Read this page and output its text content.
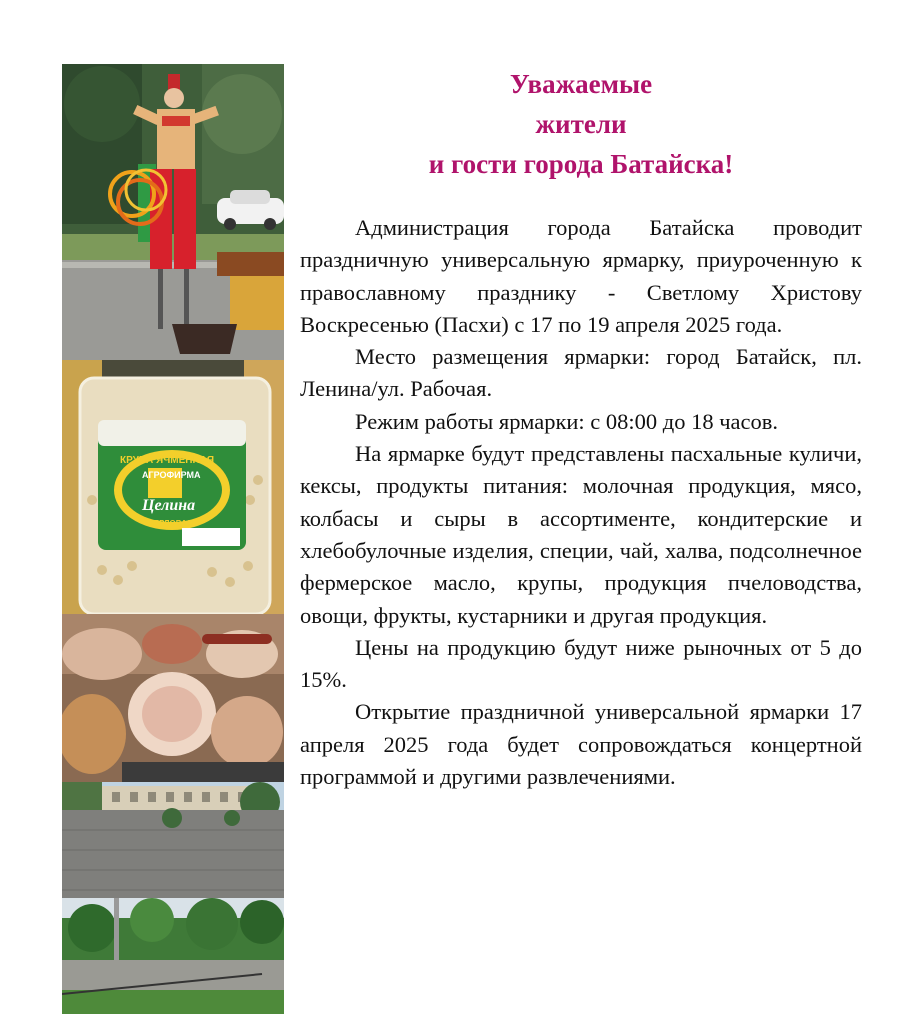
КРУПА ЯЧМЕННАЯ
АГРОФИРМА
Целина
ПЕРЛОВАЯ
Уважаемые
жители
и гости города Батайска!

Администрация города Батайска проводит праздничную универсальную ярмарку, приуроченную к православному празднику - Светлому Христову Воскресенью (Пасхи) с 17 по 19 апреля 2025 года.

Место размещения ярмарки: город Батайск, пл. Ленина/ул. Рабочая.

Режим работы ярмарки: с 08:00 до 18 часов.

На ярмарке будут представлены пасхальные куличи, кексы, продукты питания: молочная продукция, мясо, колбасы и сыры в ассортименте, кондитерские и хлебобулочные изделия, специи, чай, халва, подсолнечное фермерское масло, крупы, продукция пчеловодства, овощи, фрукты, кустарники и другая продукция.

Цены на продукцию будут ниже рыночных от 5 до 15%.

Открытие праздничной универсальной ярмарки 17 апреля 2025 года будет сопровождаться концертной программой и другими развлечениями.
